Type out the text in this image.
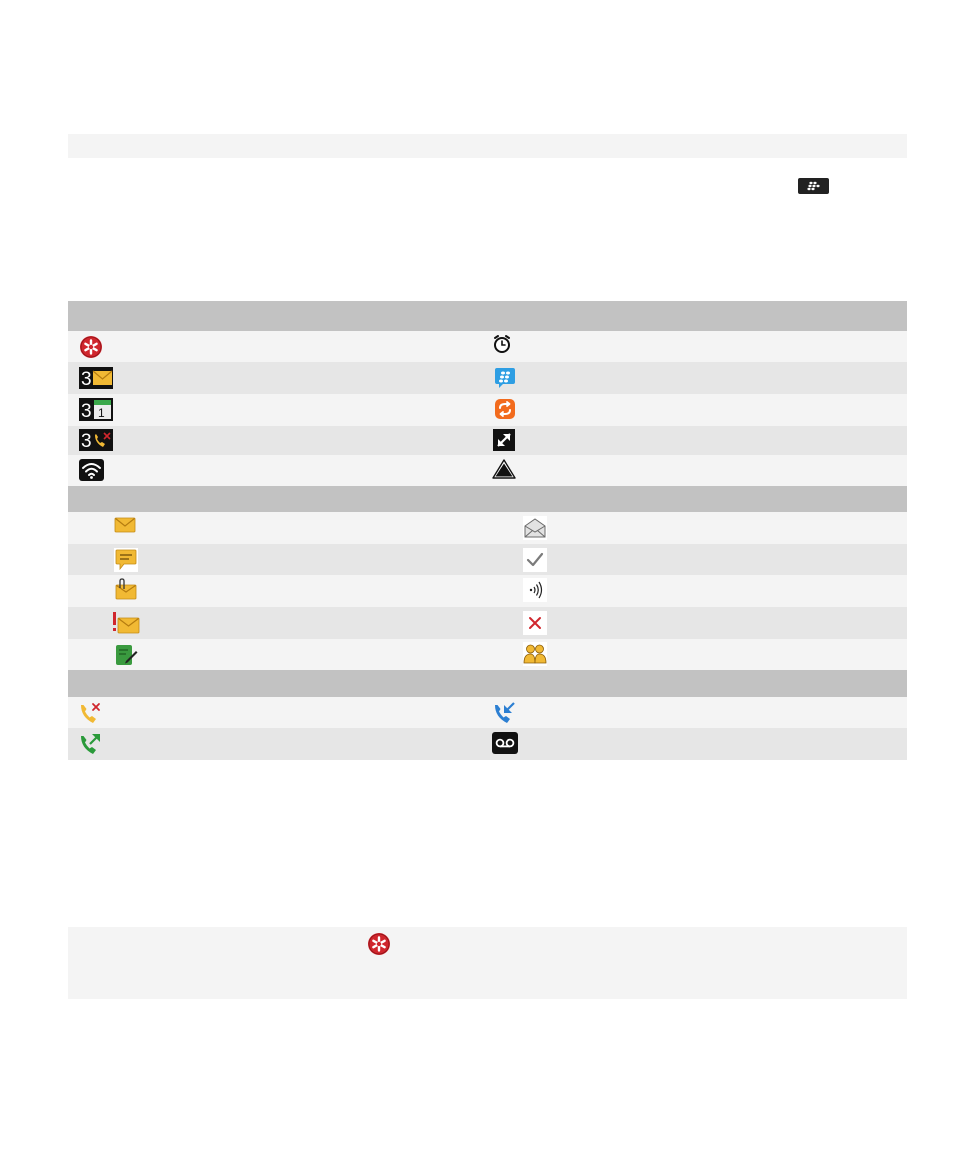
3
3 1
3
